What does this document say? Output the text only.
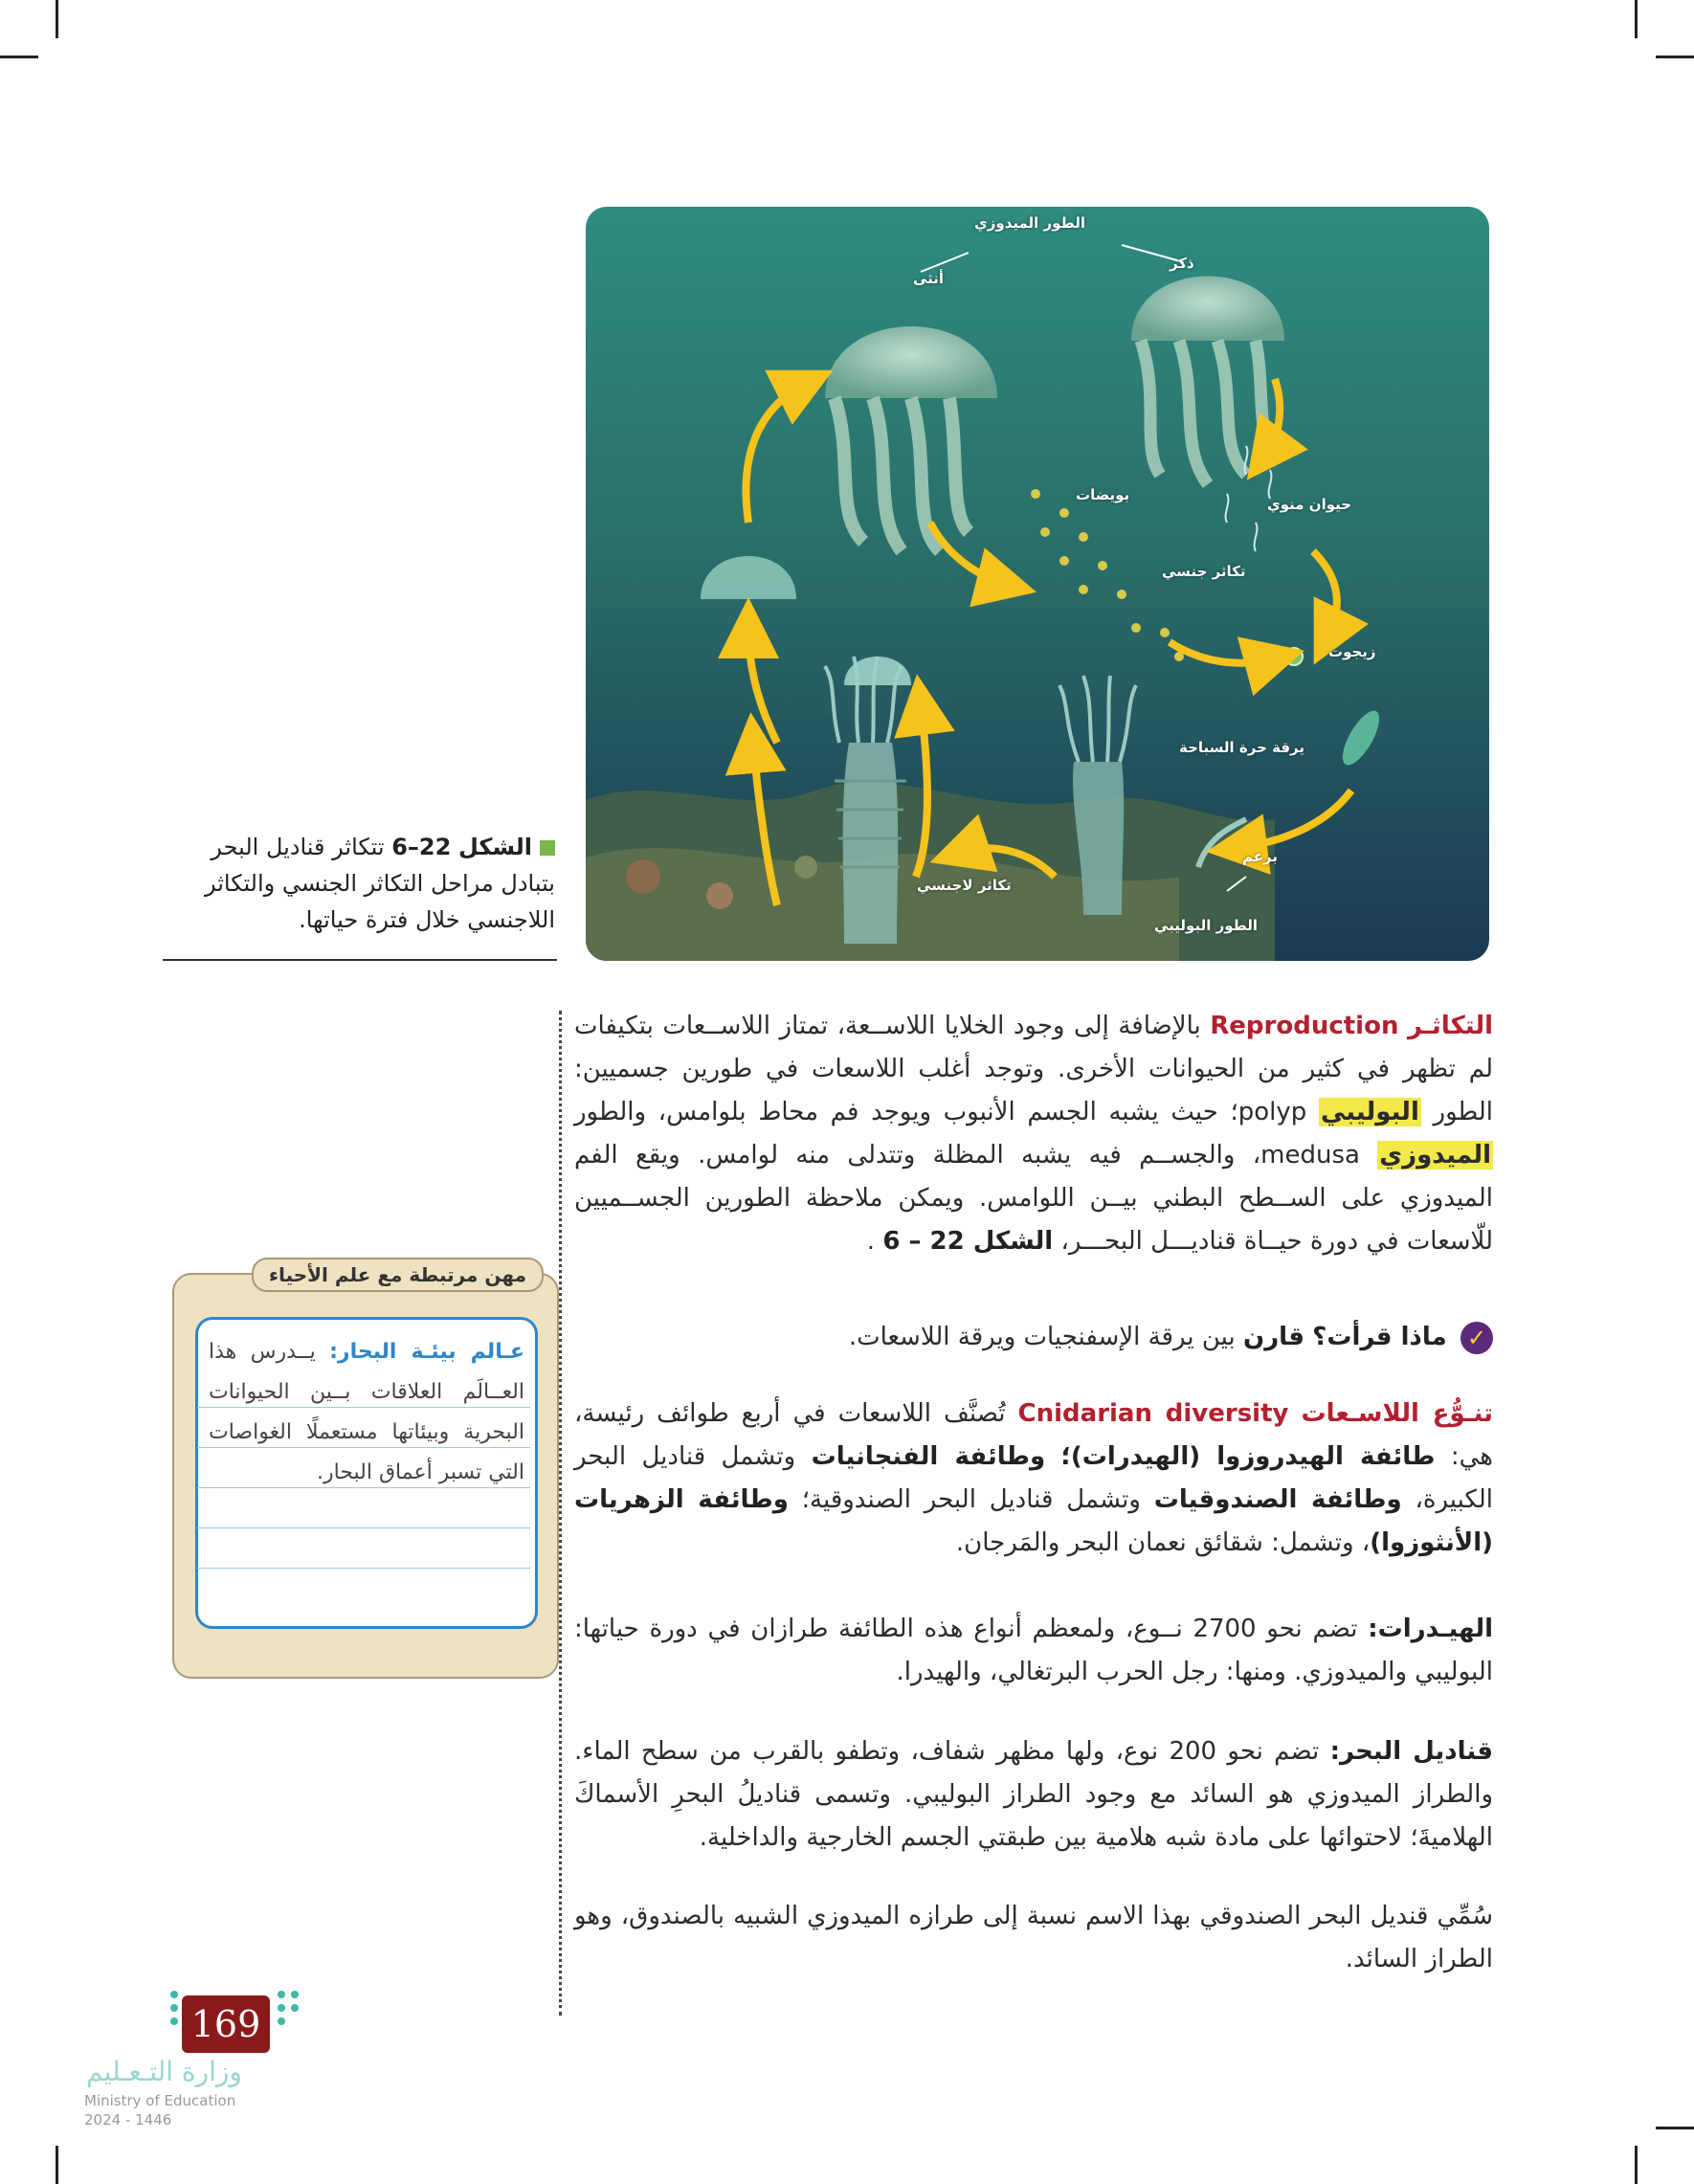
الطور الميدوزي
أنثى
ذكر
بويضات
حيوان منوي
تكاثر جنسي
زيجوت
يرقة حرة السباحة
برعم
الطور البوليبي
تكاثر لاجنسي
الشكل 22–6 تتكاثر قناديل البحر بتبادل مراحل التكاثر الجنسي والتكاثر اللاجنسي خلال فترة حياتها.
التكاثـر Reproduction بالإضافة إلى وجود الخلايا اللاســعة، تمتاز اللاســعات بتكيفات لم تظهر في كثير من الحيوانات الأخرى. وتوجد أغلب اللاسعات في طورين جسميين: الطور البوليبي polyp؛ حيث يشبه الجسم الأنبوب ويوجد فم محاط بلوامس، والطور الميدوزي medusa، والجســم فيه يشبه المظلة وتتدلى منه لوامس. ويقع الفم الميدوزي على الســطح البطني بيــن اللوامس. ويمكن ملاحظة الطورين الجســميين للّاسعات في دورة حيــاة قناديـــل البحـــر، الشكل 22 – 6 .
✓ ماذا قرأت؟ قارن بين يرقة الإسفنجيات ويرقة اللاسعات.
تنـوُّع اللاسـعات Cnidarian diversity تُصنَّف اللاسعات في أربع طوائف رئيسة، هي: طائفة الهيدروزوا (الهيدرات)؛ وطائفة الفنجانيات وتشمل قناديل البحر الكبيرة، وطائفة الصندوقيات وتشمل قناديل البحر الصندوقية؛ وطائفة الزهريات (الأنثوزوا)، وتشمل: شقائق نعمان البحر والمَرجان.
الهيـدرات: تضم نحو 2700 نــوع، ولمعظم أنواع هذه الطائفة طرازان في دورة حياتها: البوليبي والميدوزي. ومنها: رجل الحرب البرتغالي، والهيدرا.
قناديل البحر: تضم نحو 200 نوع، ولها مظهر شفاف، وتطفو بالقرب من سطح الماء. والطراز الميدوزي هو السائد مع وجود الطراز البوليبي. وتسمى قناديلُ البحرِ الأسماكَ الهلاميةَ؛ لاحتوائها على مادة شبه هلامية بين طبقتي الجسم الخارجية والداخلية.
سُمِّي قنديل البحر الصندوقي بهذا الاسم نسبة إلى طرازه الميدوزي الشبيه بالصندوق، وهو الطراز السائد.
مهن مرتبطة مع علم الأحياء
عـالم بيئـة البحار: يــدرس هذا العــالَم العلاقات بــين الحيوانات البحرية وبيئاتها مستعملًا الغواصات التي تسبر أعماق البحار.
169
وزارة التـعـليم
Ministry of Education
2024 - 1446
